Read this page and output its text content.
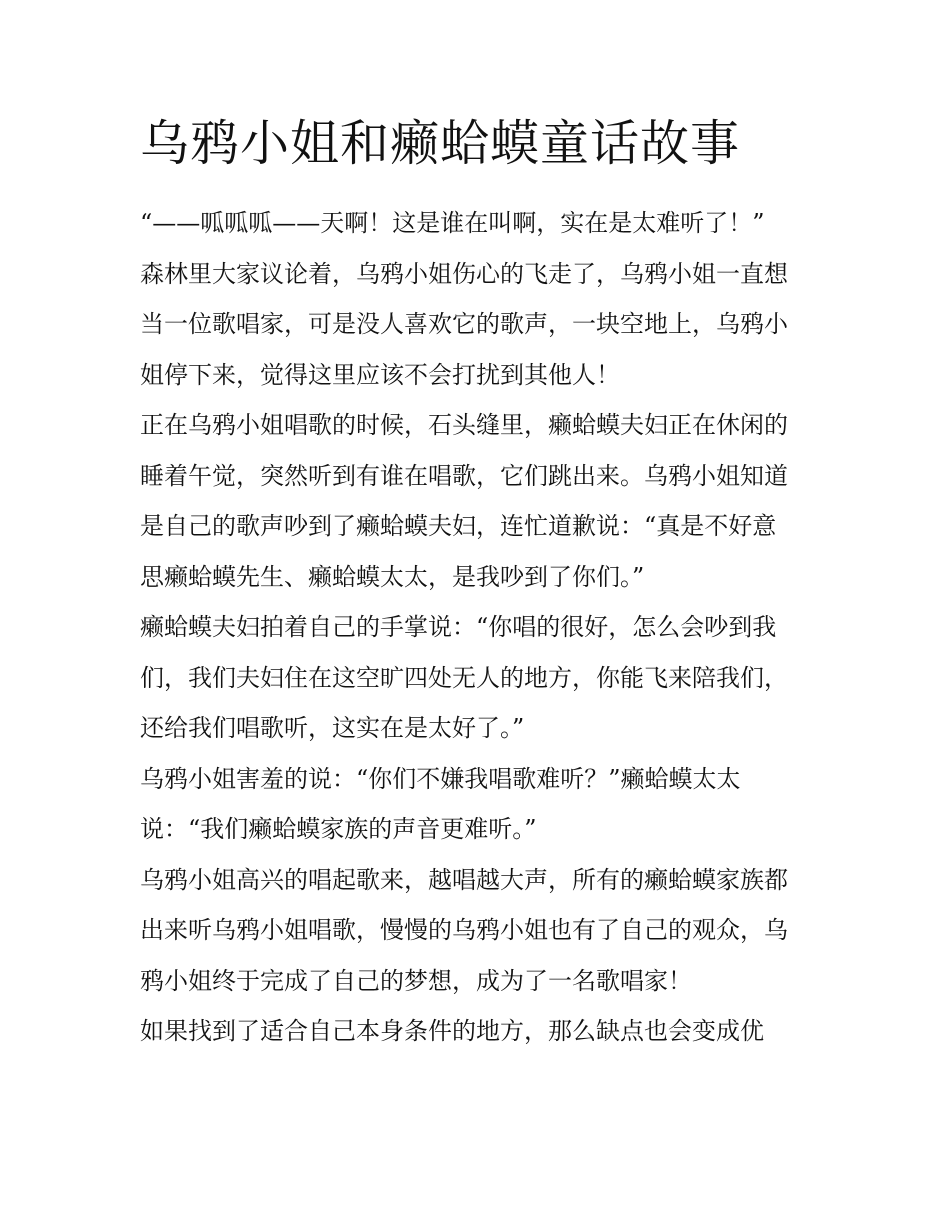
乌鸦小姐和癞蛤蟆童话故事

“——呱呱呱——天啊！这是谁在叫啊，实在是太难听了！”
森林里大家议论着，乌鸦小姐伤心的飞走了，乌鸦小姐一直想
当一位歌唱家，可是没人喜欢它的歌声，一块空地上，乌鸦小
姐停下来，觉得这里应该不会打扰到其他人！

正在乌鸦小姐唱歌的时候，石头缝里，癞蛤蟆夫妇正在休闲的
睡着午觉，突然听到有谁在唱歌，它们跳出来。乌鸦小姐知道
是自己的歌声吵到了癞蛤蟆夫妇，连忙道歉说：“真是不好意
思癞蛤蟆先生、癞蛤蟆太太，是我吵到了你们。”

癞蛤蟆夫妇拍着自己的手掌说：“你唱的很好，怎么会吵到我
们，我们夫妇住在这空旷四处无人的地方，你能飞来陪我们，
还给我们唱歌听，这实在是太好了。”

乌鸦小姐害羞的说：“你们不嫌我唱歌难听？”癞蛤蟆太太
说：“我们癞蛤蟆家族的声音更难听。”

乌鸦小姐高兴的唱起歌来，越唱越大声，所有的癞蛤蟆家族都
出来听乌鸦小姐唱歌，慢慢的乌鸦小姐也有了自己的观众，乌
鸦小姐终于完成了自己的梦想，成为了一名歌唱家！

如果找到了适合自己本身条件的地方，那么缺点也会变成优
